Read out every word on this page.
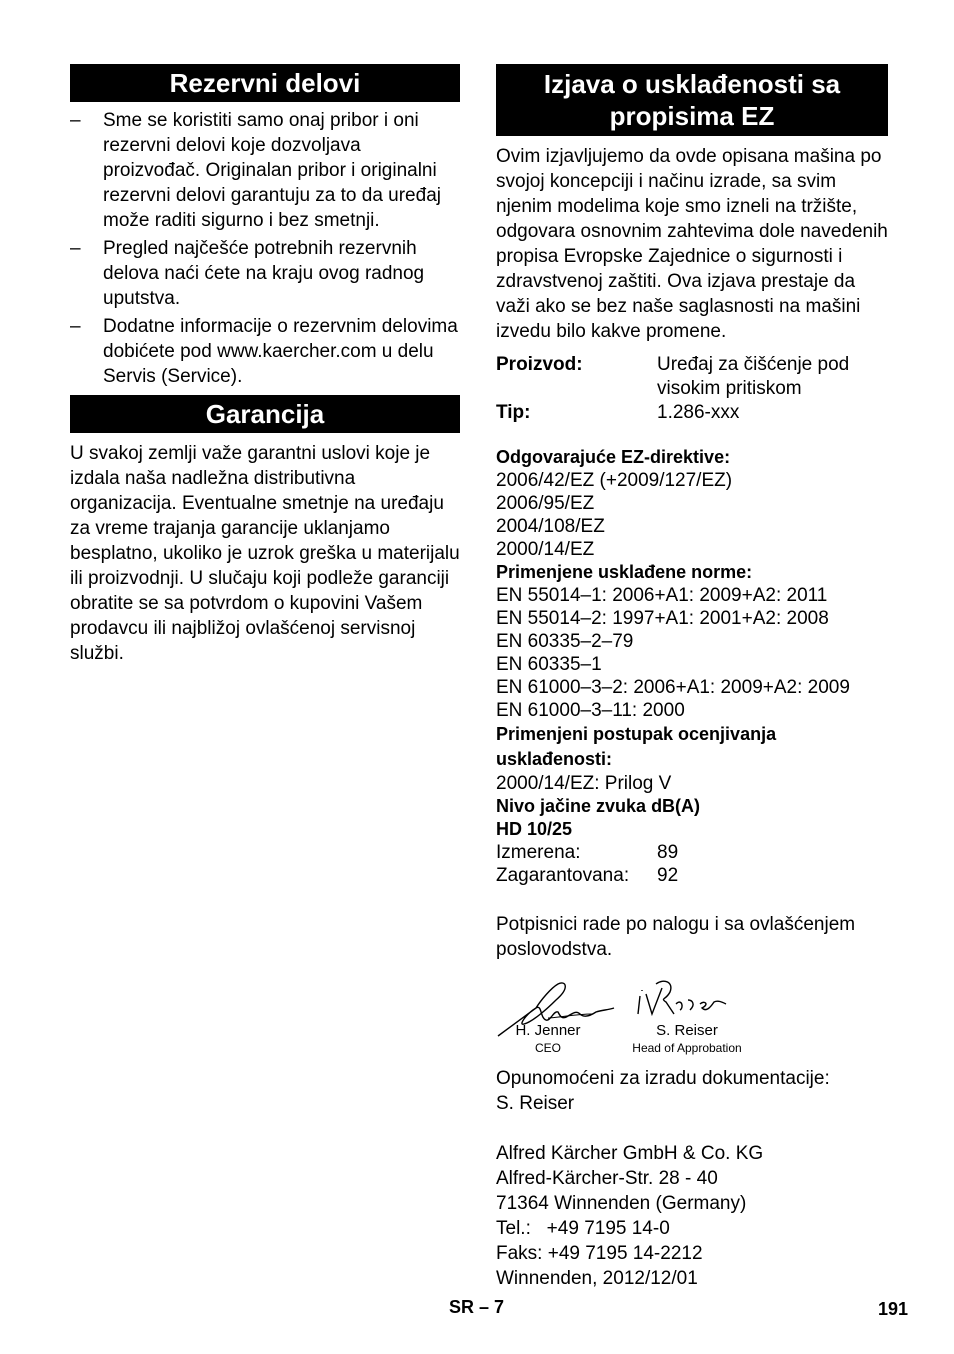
Rezervni delovi
– Sme se koristiti samo onaj pribor i oni rezervni delovi koje dozvoljava proizvođač. Originalan pribor i originalni rezervni delovi garantuju za to da uređaj može raditi sigurno i bez smetnji.
– Pregled najčešće potrebnih rezervnih delova naći ćete na kraju ovog radnog uputstva.
– Dodatne informacije o rezervnim delovima dobićete pod www.kaercher.com u delu Servis (Service).
Garancija
U svakoj zemlji važe garantni uslovi koje je izdala naša nadležna distributivna organizacija. Eventualne smetnje na uređaju za vreme trajanja garancije uklanjamo besplatno, ukoliko je uzrok greška u materijalu ili proizvodnji. U slučaju koji podleže garanciji obratite se sa potvrdom o kupovini Vašem prodavcu ili najbližoj ovlašćenoj servisnoj službi.
Izjava o usklađenosti sa propisima EZ
Ovim izjavljujemo da ovde opisana mašina po svojoj koncepciji i načinu izrade, sa svim njenim modelima koje smo izneli na tržište, odgovara osnovnim zahtevima dole navedenih propisa Evropske Zajednice o sigurnosti i zdravstvenoj zaštiti. Ova izjava prestaje da važi ako se bez naše saglasnosti na mašini izvedu bilo kakve promene.
Proizvod:	Uređaj za čišćenje pod visokim pritiskom
Tip:	1.286-xxx
Odgovarajuće EZ-direktive:
2006/42/EZ (+2009/127/EZ)
2006/95/EZ
2004/108/EZ
2000/14/EZ
Primenjene usklađene norme:
EN 55014–1: 2006+A1: 2009+A2: 2011
EN 55014–2: 1997+A1: 2001+A2: 2008
EN 60335–2–79
EN 60335–1
EN 61000–3–2: 2006+A1: 2009+A2: 2009
EN 61000–3–11: 2000
Primenjeni postupak ocenjivanja usklađenosti:
2000/14/EZ: Prilog V
Nivo jačine zvuka dB(A)
HD 10/25
Izmerena:	89
Zagarantovana:	92
Potpisnici rade po nalogu i sa ovlašćenjem poslovodstva.
H. Jenner
CEO
S. Reiser
Head of Approbation
Opunomoćeni za izradu dokumentacije:
S. Reiser
Alfred Kärcher GmbH & Co. KG
Alfred-Kärcher-Str. 28 - 40
71364 Winnenden (Germany)
Tel.:   +49 7195 14-0
Faks: +49 7195 14-2212
Winnenden, 2012/12/01
SR – 7	191
